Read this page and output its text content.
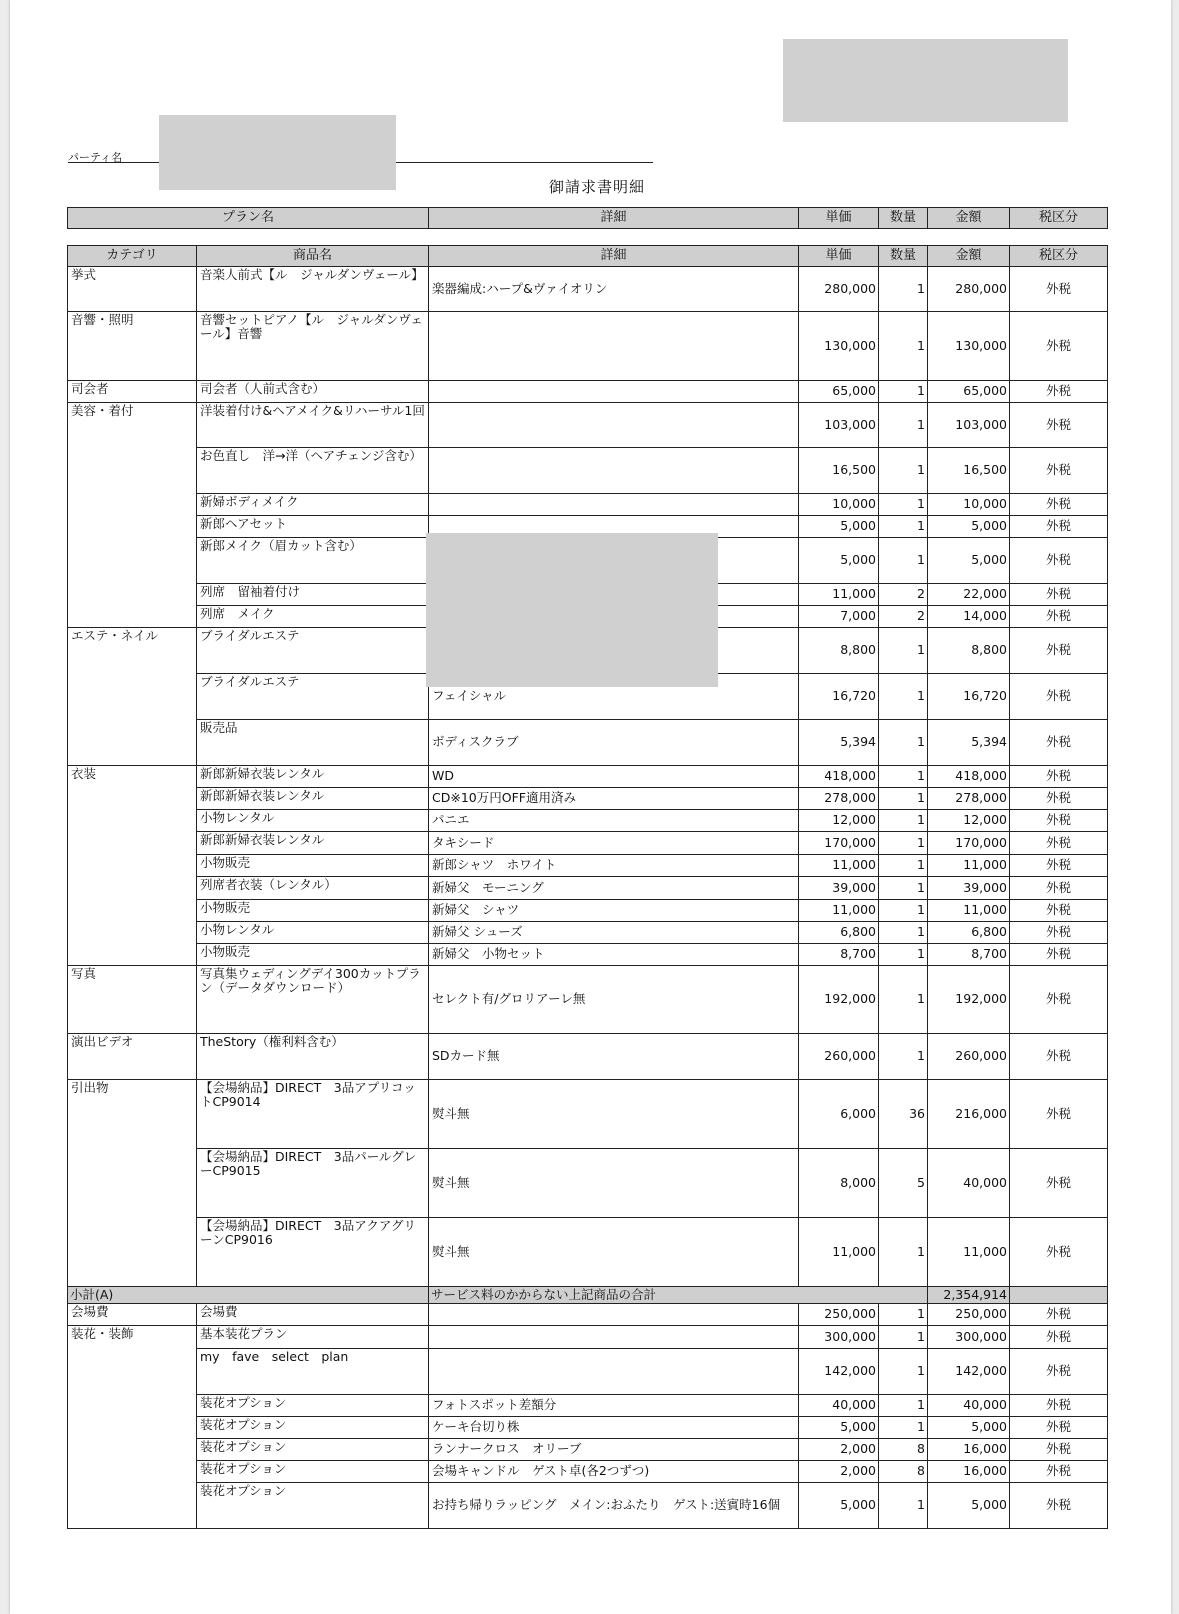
パーティ名
御請求書明細
プラン名		詳細	単価	数量	金額	税区分

カテゴリ	商品名	詳細	単価	数量	金額	税区分
挙式	音楽人前式【ル　ジャルダンヴェール】	楽器編成:ハープ&ヴァイオリン	280,000	1	280,000	外税
音響・照明	音響セットピアノ【ル　ジャルダンヴェール】音響		130,000	1	130,000	外税
司会者	司会者（人前式含む）		65,000	1	65,000	外税
美容・着付	洋装着付け&ヘアメイク&リハーサル1回		103,000	1	103,000	外税
	お色直し　洋→洋（ヘアチェンジ含む）		16,500	1	16,500	外税
	新婦ボディメイク		10,000	1	10,000	外税
	新郎ヘアセット		5,000	1	5,000	外税
	新郎メイク（眉カット含む）		5,000	1	5,000	外税
	列席　留袖着付け		11,000	2	22,000	外税
	列席　メイク		7,000	2	14,000	外税
エステ・ネイル	ブライダルエステ		8,800	1	8,800	外税
	ブライダルエステ	フェイシャル	16,720	1	16,720	外税
	販売品	ボディスクラブ	5,394	1	5,394	外税
衣装	新郎新婦衣装レンタル	WD	418,000	1	418,000	外税
	新郎新婦衣装レンタル	CD※10万円OFF適用済み	278,000	1	278,000	外税
	小物レンタル	パニエ	12,000	1	12,000	外税
	新郎新婦衣装レンタル	タキシード	170,000	1	170,000	外税
	小物販売	新郎シャツ　ホワイト	11,000	1	11,000	外税
	列席者衣装（レンタル）	新婦父　モーニング	39,000	1	39,000	外税
	小物販売	新婦父　シャツ	11,000	1	11,000	外税
	小物レンタル	新婦父 シューズ	6,800	1	6,800	外税
	小物販売	新婦父　小物セット	8,700	1	8,700	外税
写真	写真集ウェディングデイ300カットプラン（データダウンロード）	セレクト有/グロリアーレ無	192,000	1	192,000	外税
演出ビデオ	TheStory（権利料含む）	SDカード無	260,000	1	260,000	外税
引出物	【会場納品】DIRECT　3品アプリコットCP9014	熨斗無	6,000	36	216,000	外税
	【会場納品】DIRECT　3品パールグレーCP9015	熨斗無	8,000	5	40,000	外税
	【会場納品】DIRECT　3品アクアグリーンCP9016	熨斗無	11,000	1	11,000	外税
小計(A)		サービス料のかからない上記商品の合計			2,354,914	
会場費	会場費		250,000	1	250,000	外税
装花・装飾	基本装花プラン		300,000	1	300,000	外税
	my　fave　select　plan		142,000	1	142,000	外税
	装花オプション	フォトスポット差額分	40,000	1	40,000	外税
	装花オプション	ケーキ台切り株	5,000	1	5,000	外税
	装花オプション	ランナークロス　オリーブ	2,000	8	16,000	外税
	装花オプション	会場キャンドル　ゲスト卓(各2つずつ)	2,000	8	16,000	外税
	装花オプション	お持ち帰りラッピング　メイン:おふたり　ゲスト:送賓時16個	5,000	1	5,000	外税
